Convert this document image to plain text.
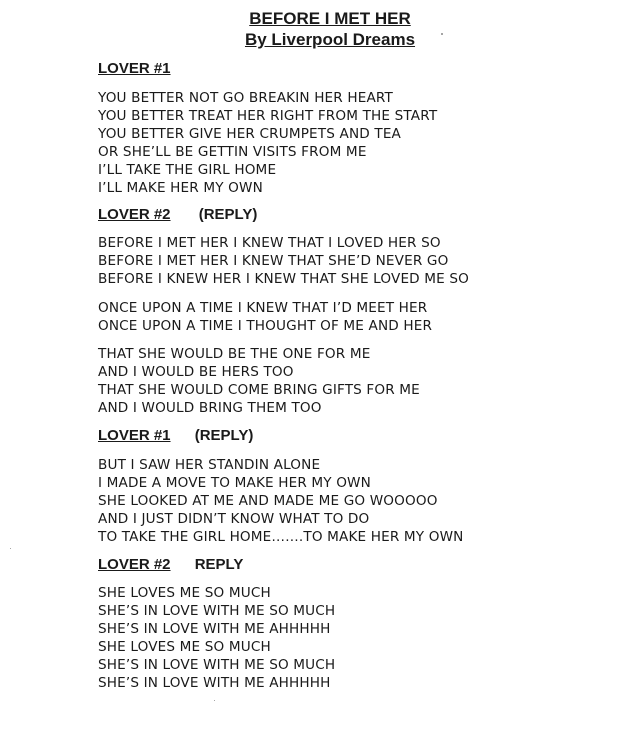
BEFORE I MET HER
By Liverpool Dreams
LOVER #1
YOU BETTER NOT GO BREAKIN HER HEART
YOU BETTER TREAT HER RIGHT FROM THE START
YOU BETTER GIVE HER CRUMPETS AND TEA
OR SHE’LL BE GETTIN VISITS FROM ME
I’LL TAKE THE GIRL HOME
I’LL MAKE HER MY OWN
LOVER #2 (REPLY)
BEFORE I MET HER I KNEW THAT I LOVED HER SO
BEFORE I MET HER I KNEW THAT SHE’D NEVER GO
BEFORE I KNEW HER I KNEW THAT SHE LOVED ME SO
ONCE UPON A TIME I KNEW THAT I’D MEET HER
ONCE UPON A TIME I THOUGHT OF ME AND HER
THAT SHE WOULD BE THE ONE FOR ME
AND I WOULD BE HERS TOO
THAT SHE WOULD COME BRING GIFTS FOR ME
AND I WOULD BRING THEM TOO
LOVER #1 (REPLY)
BUT I SAW HER STANDIN ALONE
I MADE A MOVE TO MAKE HER MY OWN
SHE LOOKED AT ME AND MADE ME GO WOOOOO
AND I JUST DIDN’T KNOW WHAT TO DO
TO TAKE THE GIRL HOME…….TO MAKE HER MY OWN
LOVER #2 REPLY
SHE LOVES ME SO MUCH
SHE’S IN LOVE WITH ME SO MUCH
SHE’S IN LOVE WITH ME AHHHHH
SHE LOVES ME SO MUCH
SHE’S IN LOVE WITH ME SO MUCH
SHE’S IN LOVE WITH ME AHHHHH
